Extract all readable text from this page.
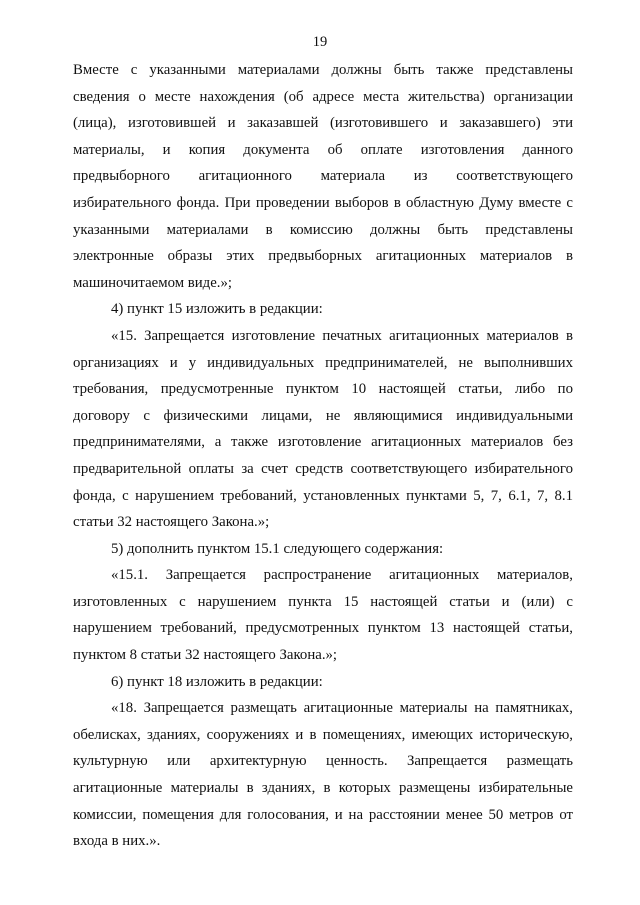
19
Вместе с указанными материалами должны быть также представлены
сведения о месте нахождения (об адресе места жительства) организации
(лица), изготовившей и заказавшей (изготовившего и заказавшего) эти
материалы, и копия документа об оплате изготовления данного
предвыборного агитационного материала из соответствующего
избирательного фонда. При проведении выборов в областную Думу вместе с
указанными материалами в комиссию должны быть представлены
электронные образы этих предвыборных агитационных материалов в
машиночитаемом виде.»;
4) пункт 15 изложить в редакции:
«15. Запрещается изготовление печатных агитационных материалов в
организациях и у индивидуальных предпринимателей, не выполнивших
требования, предусмотренные пунктом 10 настоящей статьи, либо по
договору с физическими лицами, не являющимися индивидуальными
предпринимателями, а также изготовление агитационных материалов без
предварительной оплаты за счет средств соответствующего избирательного
фонда, с нарушением требований, установленных пунктами 5, 7, 6.1, 7, 8.1
статьи 32 настоящего Закона.»;
5) дополнить пунктом 15.1 следующего содержания:
«15.1. Запрещается распространение агитационных материалов,
изготовленных с нарушением пункта 15 настоящей статьи и (или) с
нарушением требований, предусмотренных пунктом 13 настоящей статьи,
пунктом 8 статьи 32 настоящего Закона.»;
6) пункт 18 изложить в редакции:
«18. Запрещается размещать агитационные материалы на памятниках,
обелисках, зданиях, сооружениях и в помещениях, имеющих историческую,
культурную или архитектурную ценность. Запрещается размещать
агитационные материалы в зданиях, в которых размещены избирательные
комиссии, помещения для голосования, и на расстоянии менее 50 метров от
входа в них.».
